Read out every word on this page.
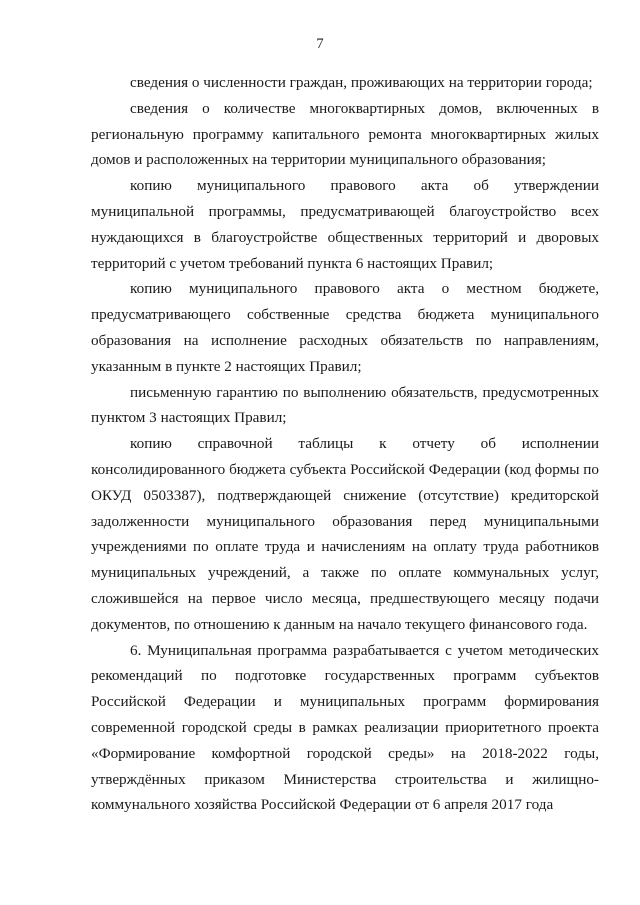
7

сведения о численности граждан, проживающих на территории города;

сведения о количестве многоквартирных домов, включенных в региональную программу капитального ремонта многоквартирных жилых домов и расположенных на территории муниципального образования;

копию муниципального правового акта об утверждении муниципальной программы, предусматривающей благоустройство всех нуждающихся в благоустройстве общественных территорий и дворовых территорий с учетом требований пункта 6 настоящих Правил;

копию муниципального правового акта о местном бюджете, предусматривающего собственные средства бюджета муниципального образования на исполнение расходных обязательств по направлениям, указанным в пункте 2 настоящих Правил;

письменную гарантию по выполнению обязательств, предусмотренных пунктом 3 настоящих Правил;

копию справочной таблицы к отчету об исполнении консолидированного бюджета субъекта Российской Федерации (код формы по ОКУД 0503387), подтверждающей снижение (отсутствие) кредиторской задолженности муниципального образования перед муниципальными учреждениями по оплате труда и начислениям на оплату труда работников муниципальных учреждений, а также по оплате коммунальных услуг, сложившейся на первое число месяца, предшествующего месяцу подачи документов, по отношению к данным на начало текущего финансового года.

6. Муниципальная программа разрабатывается с учетом методических рекомендаций по подготовке государственных программ субъектов Российской Федерации и муниципальных программ формирования современной городской среды в рамках реализации приоритетного проекта «Формирование комфортной городской среды» на 2018-2022 годы, утверждённых приказом Министерства строительства и жилищно-коммунального хозяйства Российской Федерации от 6 апреля 2017 года
